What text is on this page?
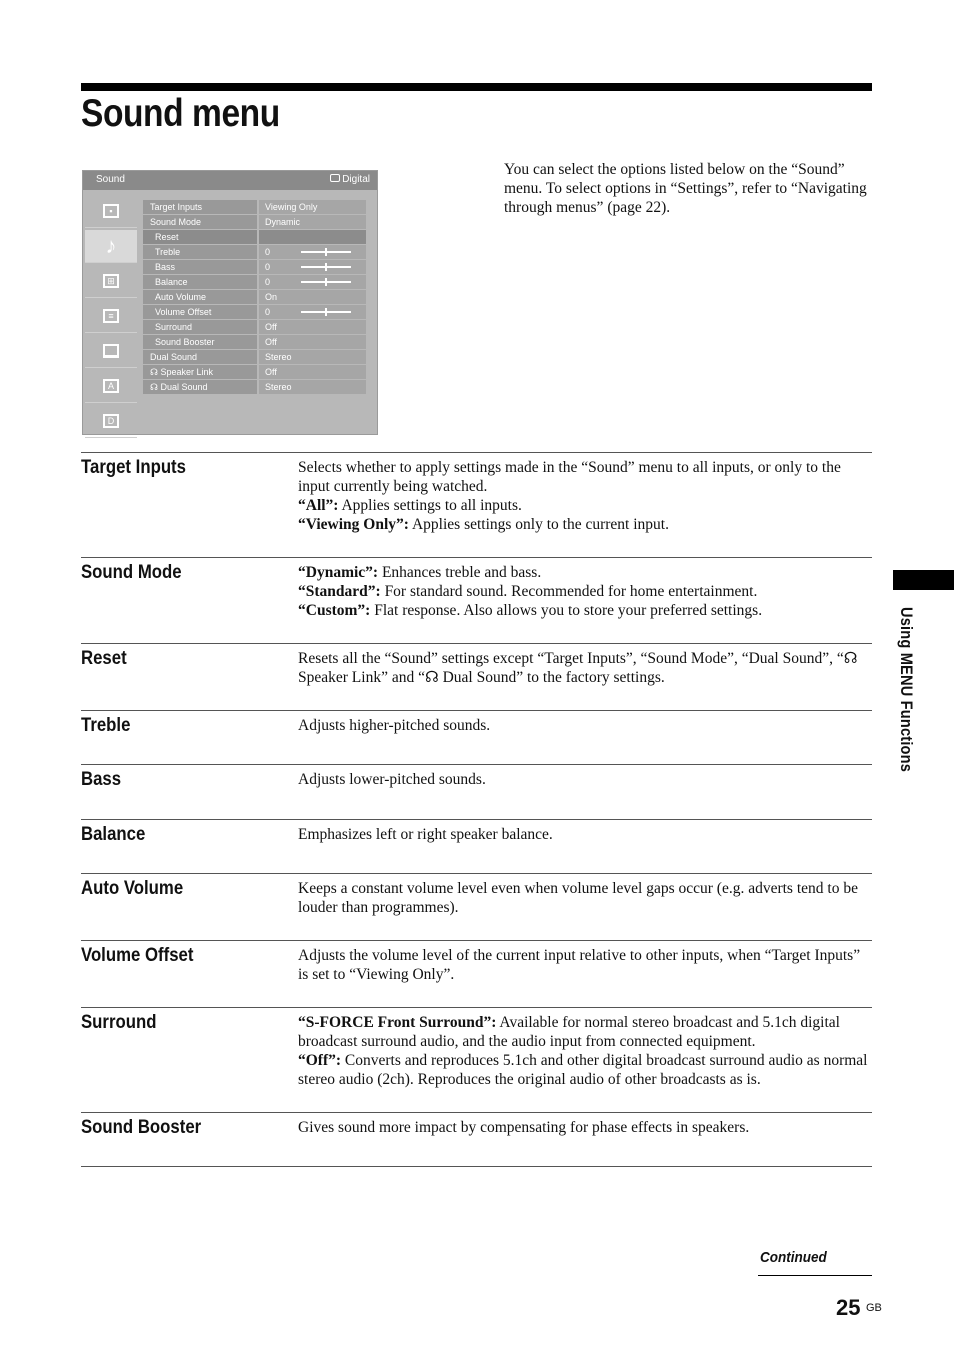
Sound menu

You can select the options listed below on the “Sound” menu. To select options in “Settings”, refer to “Navigating through menus” (page 22).

Sound	Digital
▪
♪
⊞
≡
A
D
Target Inputs	Viewing Only
Sound Mode	Dynamic
Reset
Treble	0
Bass	0
Balance	0
Auto Volume	On
Volume Offset	0
Surround	Off
Sound Booster	Off
Dual Sound	Stereo
☊ Speaker Link	Off
☊ Dual Sound	Stereo
Target Inputs	Selects whether to apply settings made in the “Sound” menu to all inputs, or only to the input currently being watched.
“All”: Applies settings to all inputs.
“Viewing Only”: Applies settings only to the current input.
Sound Mode	“Dynamic”: Enhances treble and bass.
“Standard”: For standard sound. Recommended for home entertainment.
“Custom”: Flat response. Also allows you to store your preferred settings.
Reset	Resets all the “Sound” settings except “Target Inputs”, “Sound Mode”, “Dual Sound”, “☊ Speaker Link” and “☊ Dual Sound” to the factory settings.
Treble	Adjusts higher-pitched sounds.
Bass	Adjusts lower-pitched sounds.
Balance	Emphasizes left or right speaker balance.
Auto Volume	Keeps a constant volume level even when volume level gaps occur (e.g. adverts tend to be louder than programmes).
Volume Offset	Adjusts the volume level of the current input relative to other inputs, when “Target Inputs” is set to “Viewing Only”.
Surround	“S-FORCE Front Surround”: Available for normal stereo broadcast and 5.1ch digital broadcast surround audio, and the audio input from connected equipment.
“Off”: Converts and reproduces 5.1ch and other digital broadcast surround audio as normal stereo audio (2ch). Reproduces the original audio of other broadcasts as is.
Sound Booster	Gives sound more impact by compensating for phase effects in speakers.
Using MENU Functions
Continued
25 GB
